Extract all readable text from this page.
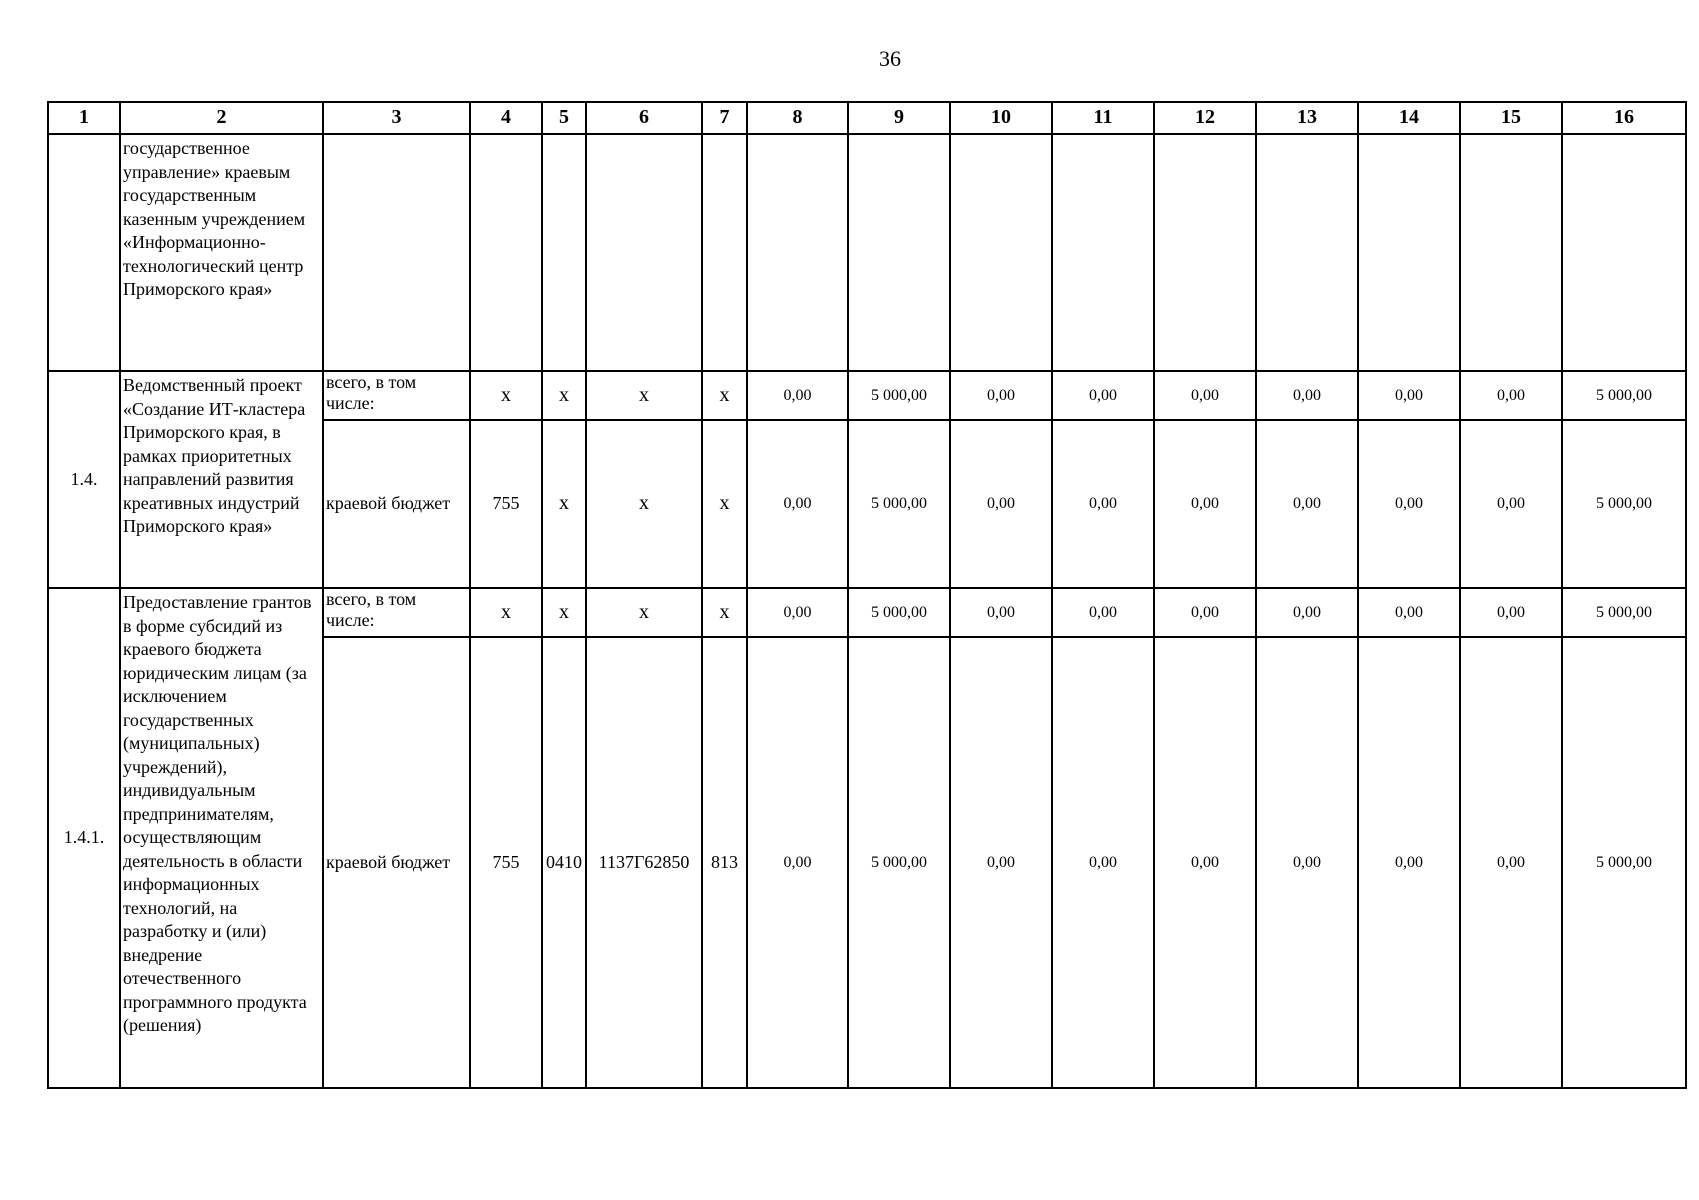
36
1	2	3	4	5	6	7	8	9	10	11	12	13	14	15	16
	государственное управление» краевым государственным казенным учреждением «Информационно-технологический центр Приморского края»														
1.4.	Ведомственный проект «Создание ИТ-кластера Приморского края, в рамках приоритетных направлений развития креативных индустрий Приморского края»	всего, в том числе:	x	x	x	x	0,00	5 000,00	0,00	0,00	0,00	0,00	0,00	0,00	5 000,00
		краевой бюджет	755	x	x	x	0,00	5 000,00	0,00	0,00	0,00	0,00	0,00	0,00	5 000,00
1.4.1.	Предоставление грантов в форме субсидий из краевого бюджета юридическим лицам (за исключением государственных (муниципальных) учреждений), индивидуальным предпринимателям, осуществляющим деятельность в области информационных технологий, на разработку и (или) внедрение отечественного программного продукта (решения)	всего, в том числе:	x	x	x	x	0,00	5 000,00	0,00	0,00	0,00	0,00	0,00	0,00	5 000,00
		краевой бюджет	755	0410	1137Г62850	813	0,00	5 000,00	0,00	0,00	0,00	0,00	0,00	0,00	5 000,00
